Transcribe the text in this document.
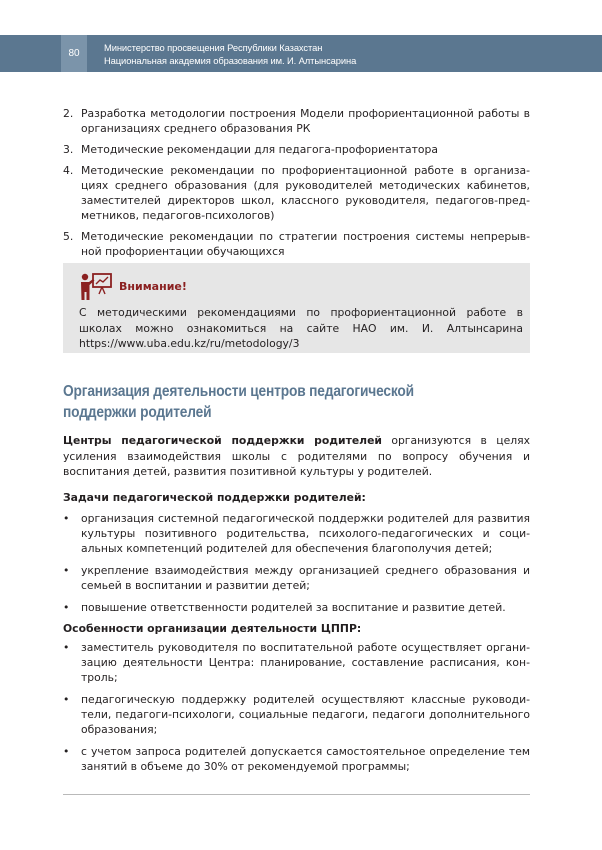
80
Министерство просвещения Республики Казахстан
Национальная академия образования им. И. Алтынсарина
2. Разработка методологии построения Модели профориентационной работы в организациях среднего образования РК
3. Методические рекомендации для педагога-профориентатора
4. Методические рекомендации по профориентационной работе в организациях среднего образования (для руководителей методических кабинетов, заместителей директоров школ, классного руководителя, педагогов-предметников, педагогов-психологов)
5. Методические рекомендации по стратегии построения системы непрерывной профориентации обучающихся
Внимание!
С методическими рекомендациями по профориентационной работе в школах можно ознакомиться на сайте НАО им. И. Алтынсарина https://www.uba.edu.kz/ru/metodology/3
Организация деятельности центров педагогической поддержки родителей
Центры педагогической поддержки родителей организуются в целях усиления взаимодействия школы с родителями по вопросу обучения и воспитания детей, развития позитивной культуры у родителей.
Задачи педагогической поддержки родителей:
• организация системной педагогической поддержки родителей для развития культуры позитивного родительства, психолого-педагогических и социальных компетенций родителей для обеспечения благополучия детей;
• укрепление взаимодействия между организацией среднего образования и семьей в воспитании и развитии детей;
• повышение ответственности родителей за воспитание и развитие детей.
Особенности организации деятельности ЦППР:
• заместитель руководителя по воспитательной работе осуществляет организацию деятельности Центра: планирование, составление расписания, контроль;
• педагогическую поддержку родителей осуществляют классные руководители, педагоги-психологи, социальные педагоги, педагоги дополнительного образования;
• с учетом запроса родителей допускается самостоятельное определение тем занятий в объеме до 30% от рекомендуемой программы;
